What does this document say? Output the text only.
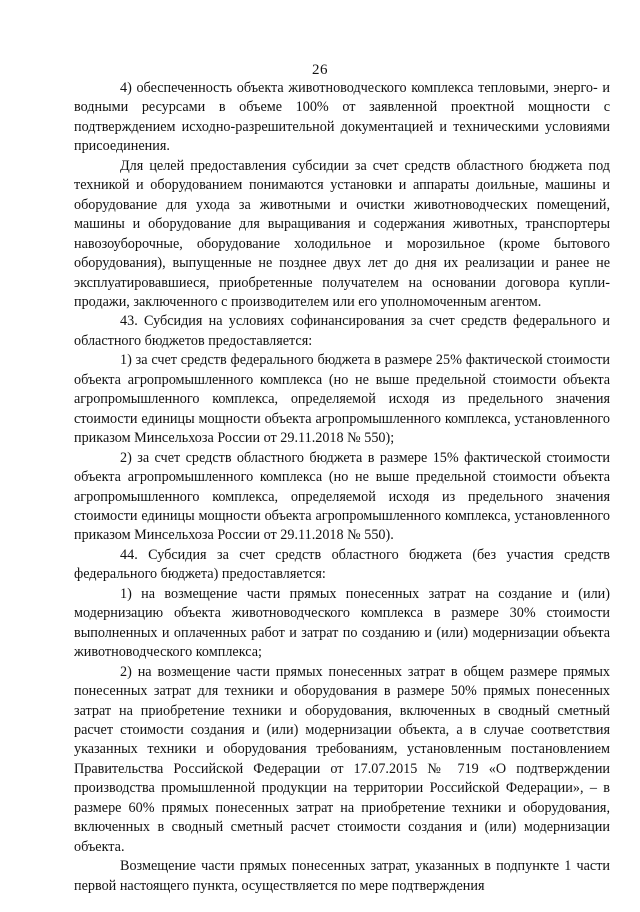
26

4) обеспеченность объекта животноводческого комплекса тепловыми, энерго- и водными ресурсами в объеме 100% от заявленной проектной мощности с подтверждением исходно-разрешительной документацией и техническими условиями присоединения.

Для целей предоставления субсидии за счет средств областного бюджета под техникой и оборудованием понимаются установки и аппараты доильные, машины и оборудование для ухода за животными и очистки животноводческих помещений, машины и оборудование для выращивания и содержания животных, транспортеры навозоуборочные, оборудование холодильное и морозильное (кроме бытового оборудования), выпущенные не позднее двух лет до дня их реализации и ранее не эксплуатировавшиеся, приобретенные получателем на основании договора купли-продажи, заключенного с производителем или его уполномоченным агентом.

43. Субсидия на условиях софинансирования за счет средств федерального и областного бюджетов предоставляется:

1) за счет средств федерального бюджета в размере 25% фактической стоимости объекта агропромышленного комплекса (но не выше предельной стоимости объекта агропромышленного комплекса, определяемой исходя из предельного значения стоимости единицы мощности объекта агропромышленного комплекса, установленного приказом Минсельхоза России от 29.11.2018 № 550);

2) за счет средств областного бюджета в размере 15% фактической стоимости объекта агропромышленного комплекса (но не выше предельной стоимости объекта агропромышленного комплекса, определяемой исходя из предельного значения стоимости единицы мощности объекта агропромышленного комплекса, установленного приказом Минсельхоза России от 29.11.2018 № 550).

44. Субсидия за счет средств областного бюджета (без участия средств федерального бюджета) предоставляется:

1) на возмещение части прямых понесенных затрат на создание и (или) модернизацию объекта животноводческого комплекса в размере 30% стоимости выполненных и оплаченных работ и затрат по созданию и (или) модернизации объекта животноводческого комплекса;

2) на возмещение части прямых понесенных затрат в общем размере прямых понесенных затрат для техники и оборудования в размере 50% прямых понесенных затрат на приобретение техники и оборудования, включенных в сводный сметный расчет стоимости создания и (или) модернизации объекта, а в случае соответствия указанных техники и оборудования требованиям, установленным постановлением Правительства Российской Федерации от 17.07.2015 № 719 «О подтверждении производства промышленной продукции на территории Российской Федерации», – в размере 60% прямых понесенных затрат на приобретение техники и оборудования, включенных в сводный сметный расчет стоимости создания и (или) модернизации объекта.

Возмещение части прямых понесенных затрат, указанных в подпункте 1 части первой настоящего пункта, осуществляется по мере подтверждения
